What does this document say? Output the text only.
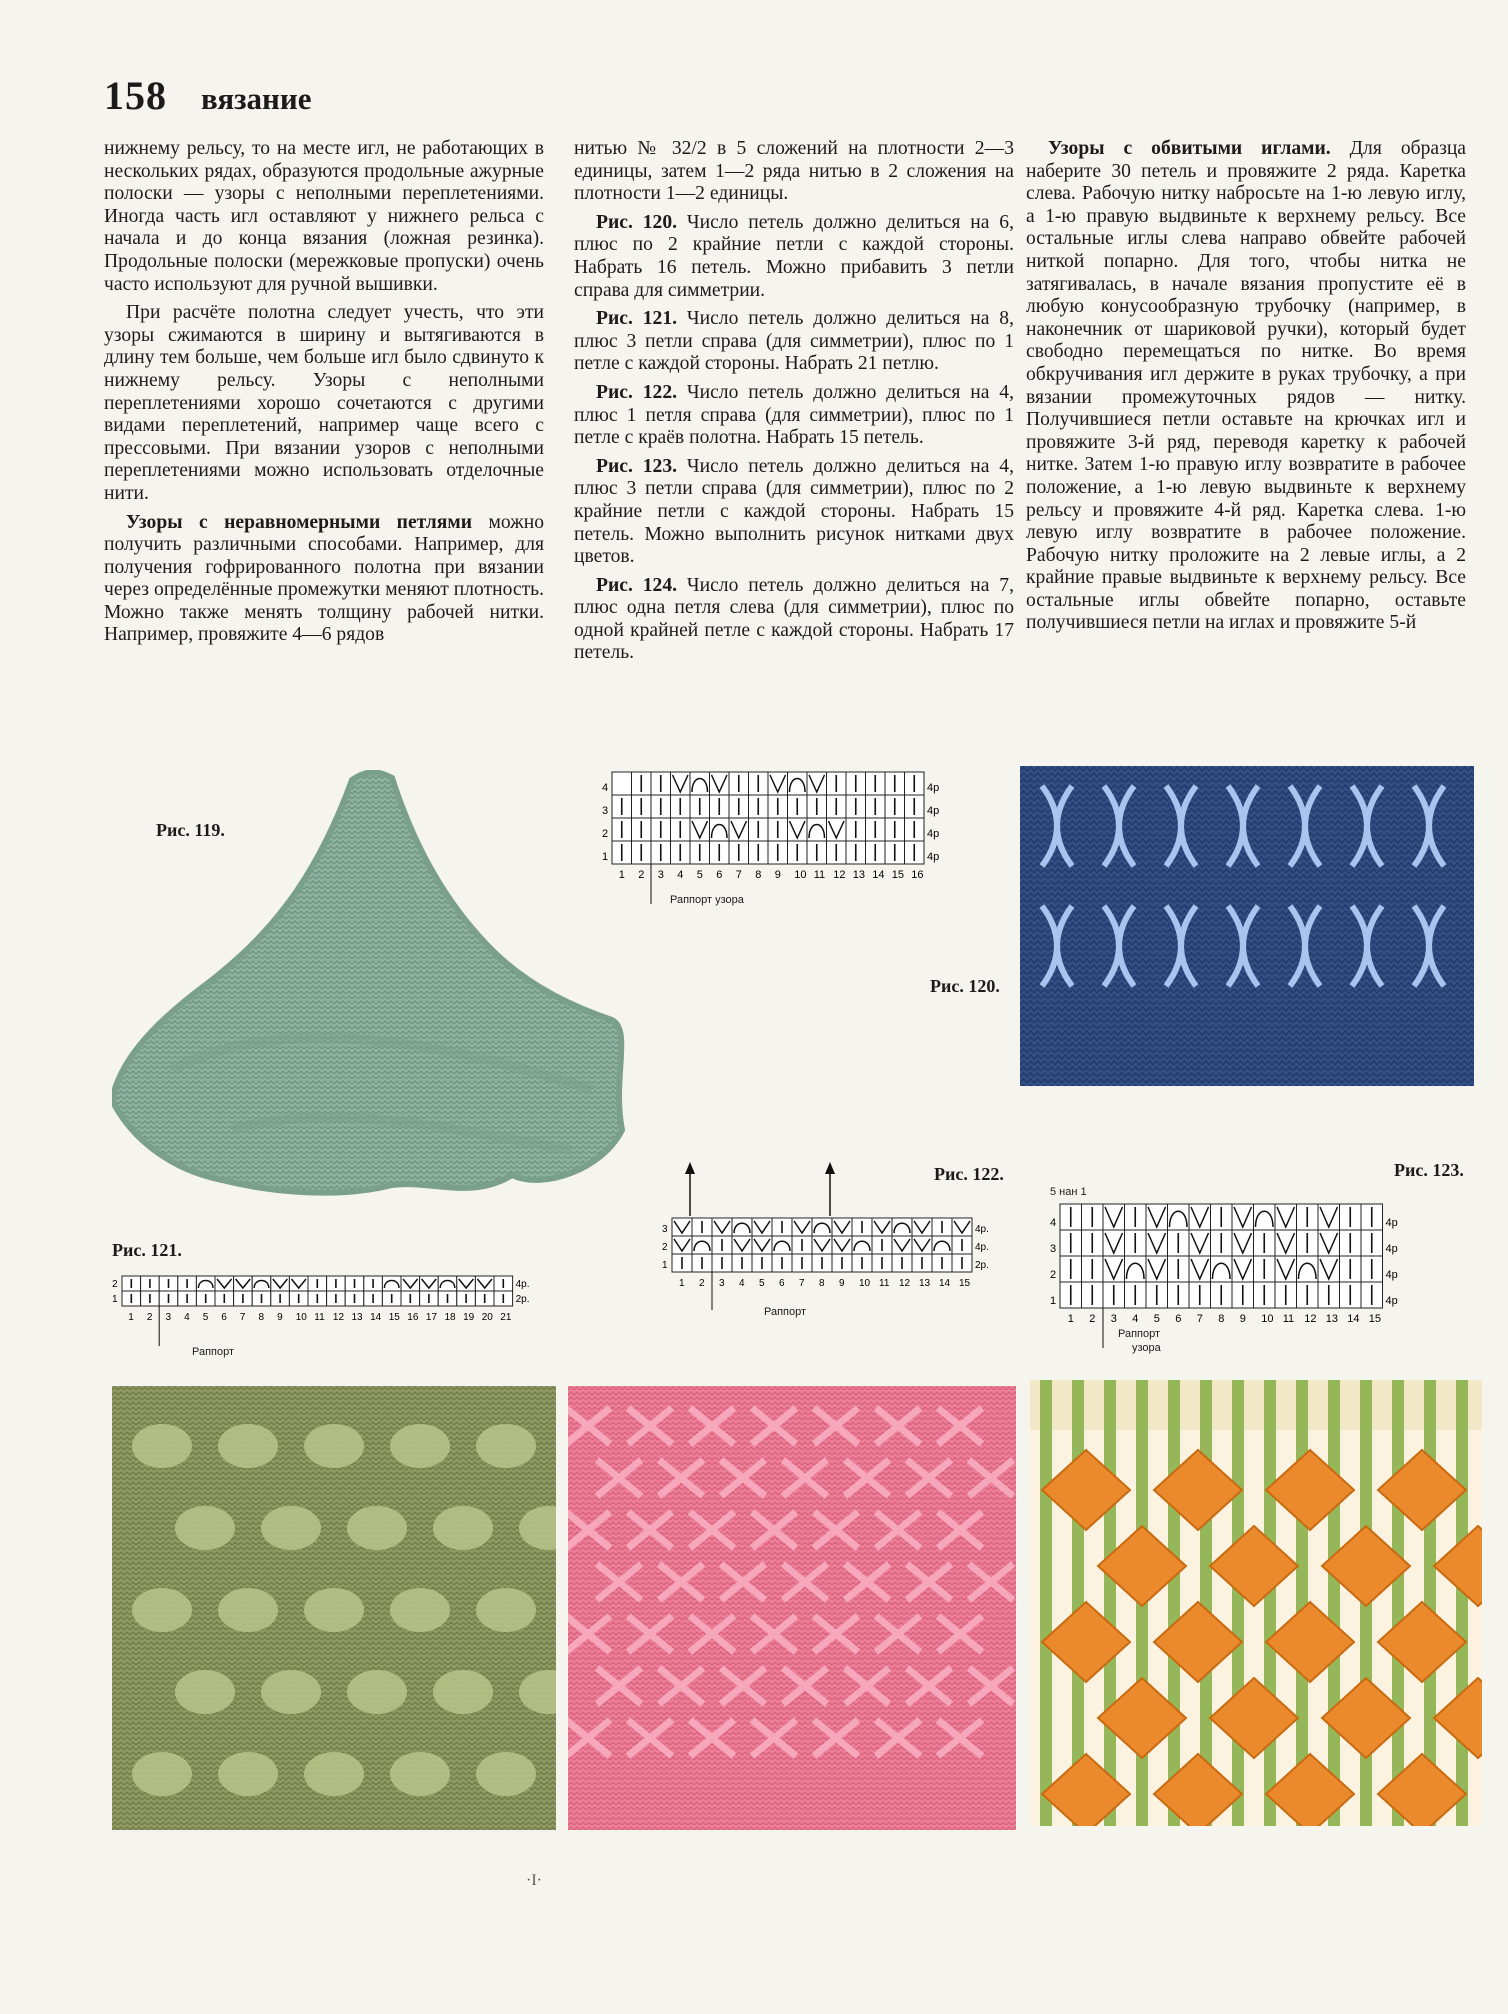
158 вязание

нижнему рельсу, то на месте игл, не работающих в нескольких рядах, образуются продольные ажурные полоски — узоры с неполными переплетениями. Иногда часть игл оставляют у нижнего рельса с начала и до конца вязания (ложная резинка). Продольные полоски (мережковые пропуски) очень часто используют для ручной вышивки.

При расчёте полотна следует учесть, что эти узоры сжимаются в ширину и вытягиваются в длину тем больше, чем больше игл было сдвинуто к нижнему рельсу. Узоры с неполными переплетениями хорошо сочетаются с другими видами переплетений, например чаще всего с прессовыми. При вязании узоров с неполными переплетениями можно использовать отделочные нити.

Узоры с неравномерными петлями можно получить различными способами. Например, для получения гофрированного полотна при вязании через определённые промежутки меняют плотность. Можно также менять толщину рабочей нитки. Например, провяжите 4—6 рядов

нитью № 32/2 в 5 сложений на плотности 2—3 единицы, затем 1—2 ряда нитью в 2 сложения на плотности 1—2 единицы.

Рис. 120. Число петель должно делиться на 6, плюс по 2 крайние петли с каждой стороны. Набрать 16 петель. Можно прибавить 3 петли справа для симметрии.

Рис. 121. Число петель должно делиться на 8, плюс 3 петли справа (для симметрии), плюс по 1 петле с каждой стороны. Набрать 21 петлю.

Рис. 122. Число петель должно делиться на 4, плюс 1 петля справа (для симметрии), плюс по 1 петле с краёв полотна. Набрать 15 петель.

Рис. 123. Число петель должно делиться на 4, плюс 3 петли справа (для симметрии), плюс по 2 крайние петли с каждой стороны. Набрать 15 петель. Можно выполнить рисунок нитками двух цветов.

Рис. 124. Число петель должно делиться на 7, плюс одна петля слева (для симметрии), плюс по одной крайней петле с каждой стороны. Набрать 17 петель.

Узоры с обвитыми иглами. Для образца наберите 30 петель и провяжите 2 ряда. Каретка слева. Рабочую нитку набросьте на 1-ю левую иглу, а 1-ю правую выдвиньте к верхнему рельсу. Все остальные иглы слева направо обвейте рабочей ниткой попарно. Для того, чтобы нитка не затягивалась, в начале вязания пропустите её в любую конусообразную трубочку (например, в наконечник от шариковой ручки), который будет свободно перемещаться по нитке. Во время обкручивания игл держите в руках трубочку, а при вязании промежуточных рядов — нитку. Получившиеся петли оставьте на крючках игл и провяжите 3-й ряд, переводя каретку к рабочей нитке. Затем 1-ю правую иглу возвратите в рабочее положение, а 1-ю левую выдвиньте к верхнему рельсу и провяжите 4-й ряд. Каретка слева. 1-ю левую иглу возвратите в рабочее положение. Рабочую нитку проложите на 2 левые иглы, а 2 крайние правые выдвиньте к верхнему рельсу. Все остальные иглы обвейте попарно, оставьте получившиеся петли на иглах и провяжите 5-й

Рис. 119.
4	4р
3	4р
2	4р
1	4р
1 2 3 4 5 6 7 8 9 10 11 12 13 14 15 16
Раппорт узора
Рис. 120.
Рис. 121.
2	4р.
1	2р.
1 2 3 4 5 6 7 8 9 10 11 12 13 14 15 16 17 18 19 20 21
Раппорт
Рис. 122.
3	4р.
2	4р.
1	2р.
1 2 3 4 5 6 7 8 9 10 11 12 13 14 15
Раппорт
Рис. 123.
5 нан 1
4	4р
3	4р
2	4р
1	4р
1 2 3 4 5 6 7 8 9 10 11 12 13 14 15
Раппорт
узора
·I·
